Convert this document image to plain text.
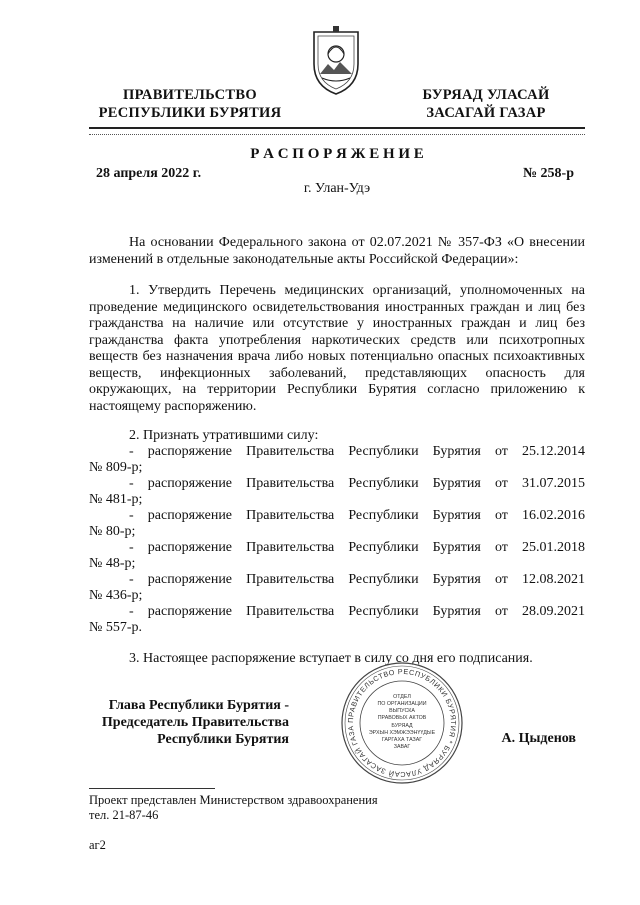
ПРАВИТЕЛЬСТВО
РЕСПУБЛИКИ БУРЯТИЯ
БУРЯАД УЛАСАЙ
ЗАСАГАЙ ГАЗАР
Р А С П О Р Я Ж Е Н И Е
28 апреля 2022 г.	№ 258-р
г. Улан-Удэ
На основании Федерального закона от 02.07.2021 № 357-ФЗ «О внесении изменений в отдельные законодательные акты Российской Федерации»:
1. Утвердить Перечень медицинских организаций, уполномоченных на проведение медицинского освидетельствования иностранных граждан и лиц без гражданства на наличие или отсутствие у иностранных граждан и лиц без гражданства факта употребления наркотических средств или психотропных веществ без назначения врача либо новых потенциально опасных психоактивных веществ, инфекционных заболеваний, представляющих опасность для окружающих, на территории Республики Бурятия согласно приложению к настоящему распоряжению.
2. Признать утратившими силу:
- распоряжение Правительства Республики Бурятия от 25.12.2014
№ 809-р;
- распоряжение Правительства Республики Бурятия от 31.07.2015
№ 481-р;
- распоряжение Правительства Республики Бурятия от 16.02.2016
№ 80-р;
- распоряжение Правительства Республики Бурятия от 25.01.2018
№ 48-р;
- распоряжение Правительства Республики Бурятия от 12.08.2021
№ 436-р;
- распоряжение Правительства Республики Бурятия от 28.09.2021
№ 557-р.
3. Настоящее распоряжение вступает в силу со дня его подписания.
Глава Республики Бурятия -
Председатель Правительства
Республики Бурятия	А. Цыденов
ПРАВИТЕЛЬСТВО РЕСПУБЛИКИ БУРЯТИЯ * БУРЯАД УЛАСАЙ ЗАСАГАЙ ГАЗА
ОТДЕЛ
ПО ОРГАНИЗАЦИИ
ВЫПУСКА
ПРАВОВЫХ АКТОВ
БУРЯАД
ЭРХЫН ХЭМЖЭЭНҮҮДЫЕ
ГАРГАХА ТАЗАГ
ЗАВАГ
Проект представлен Министерством здравоохранения
тел. 21-87-46
аг2
